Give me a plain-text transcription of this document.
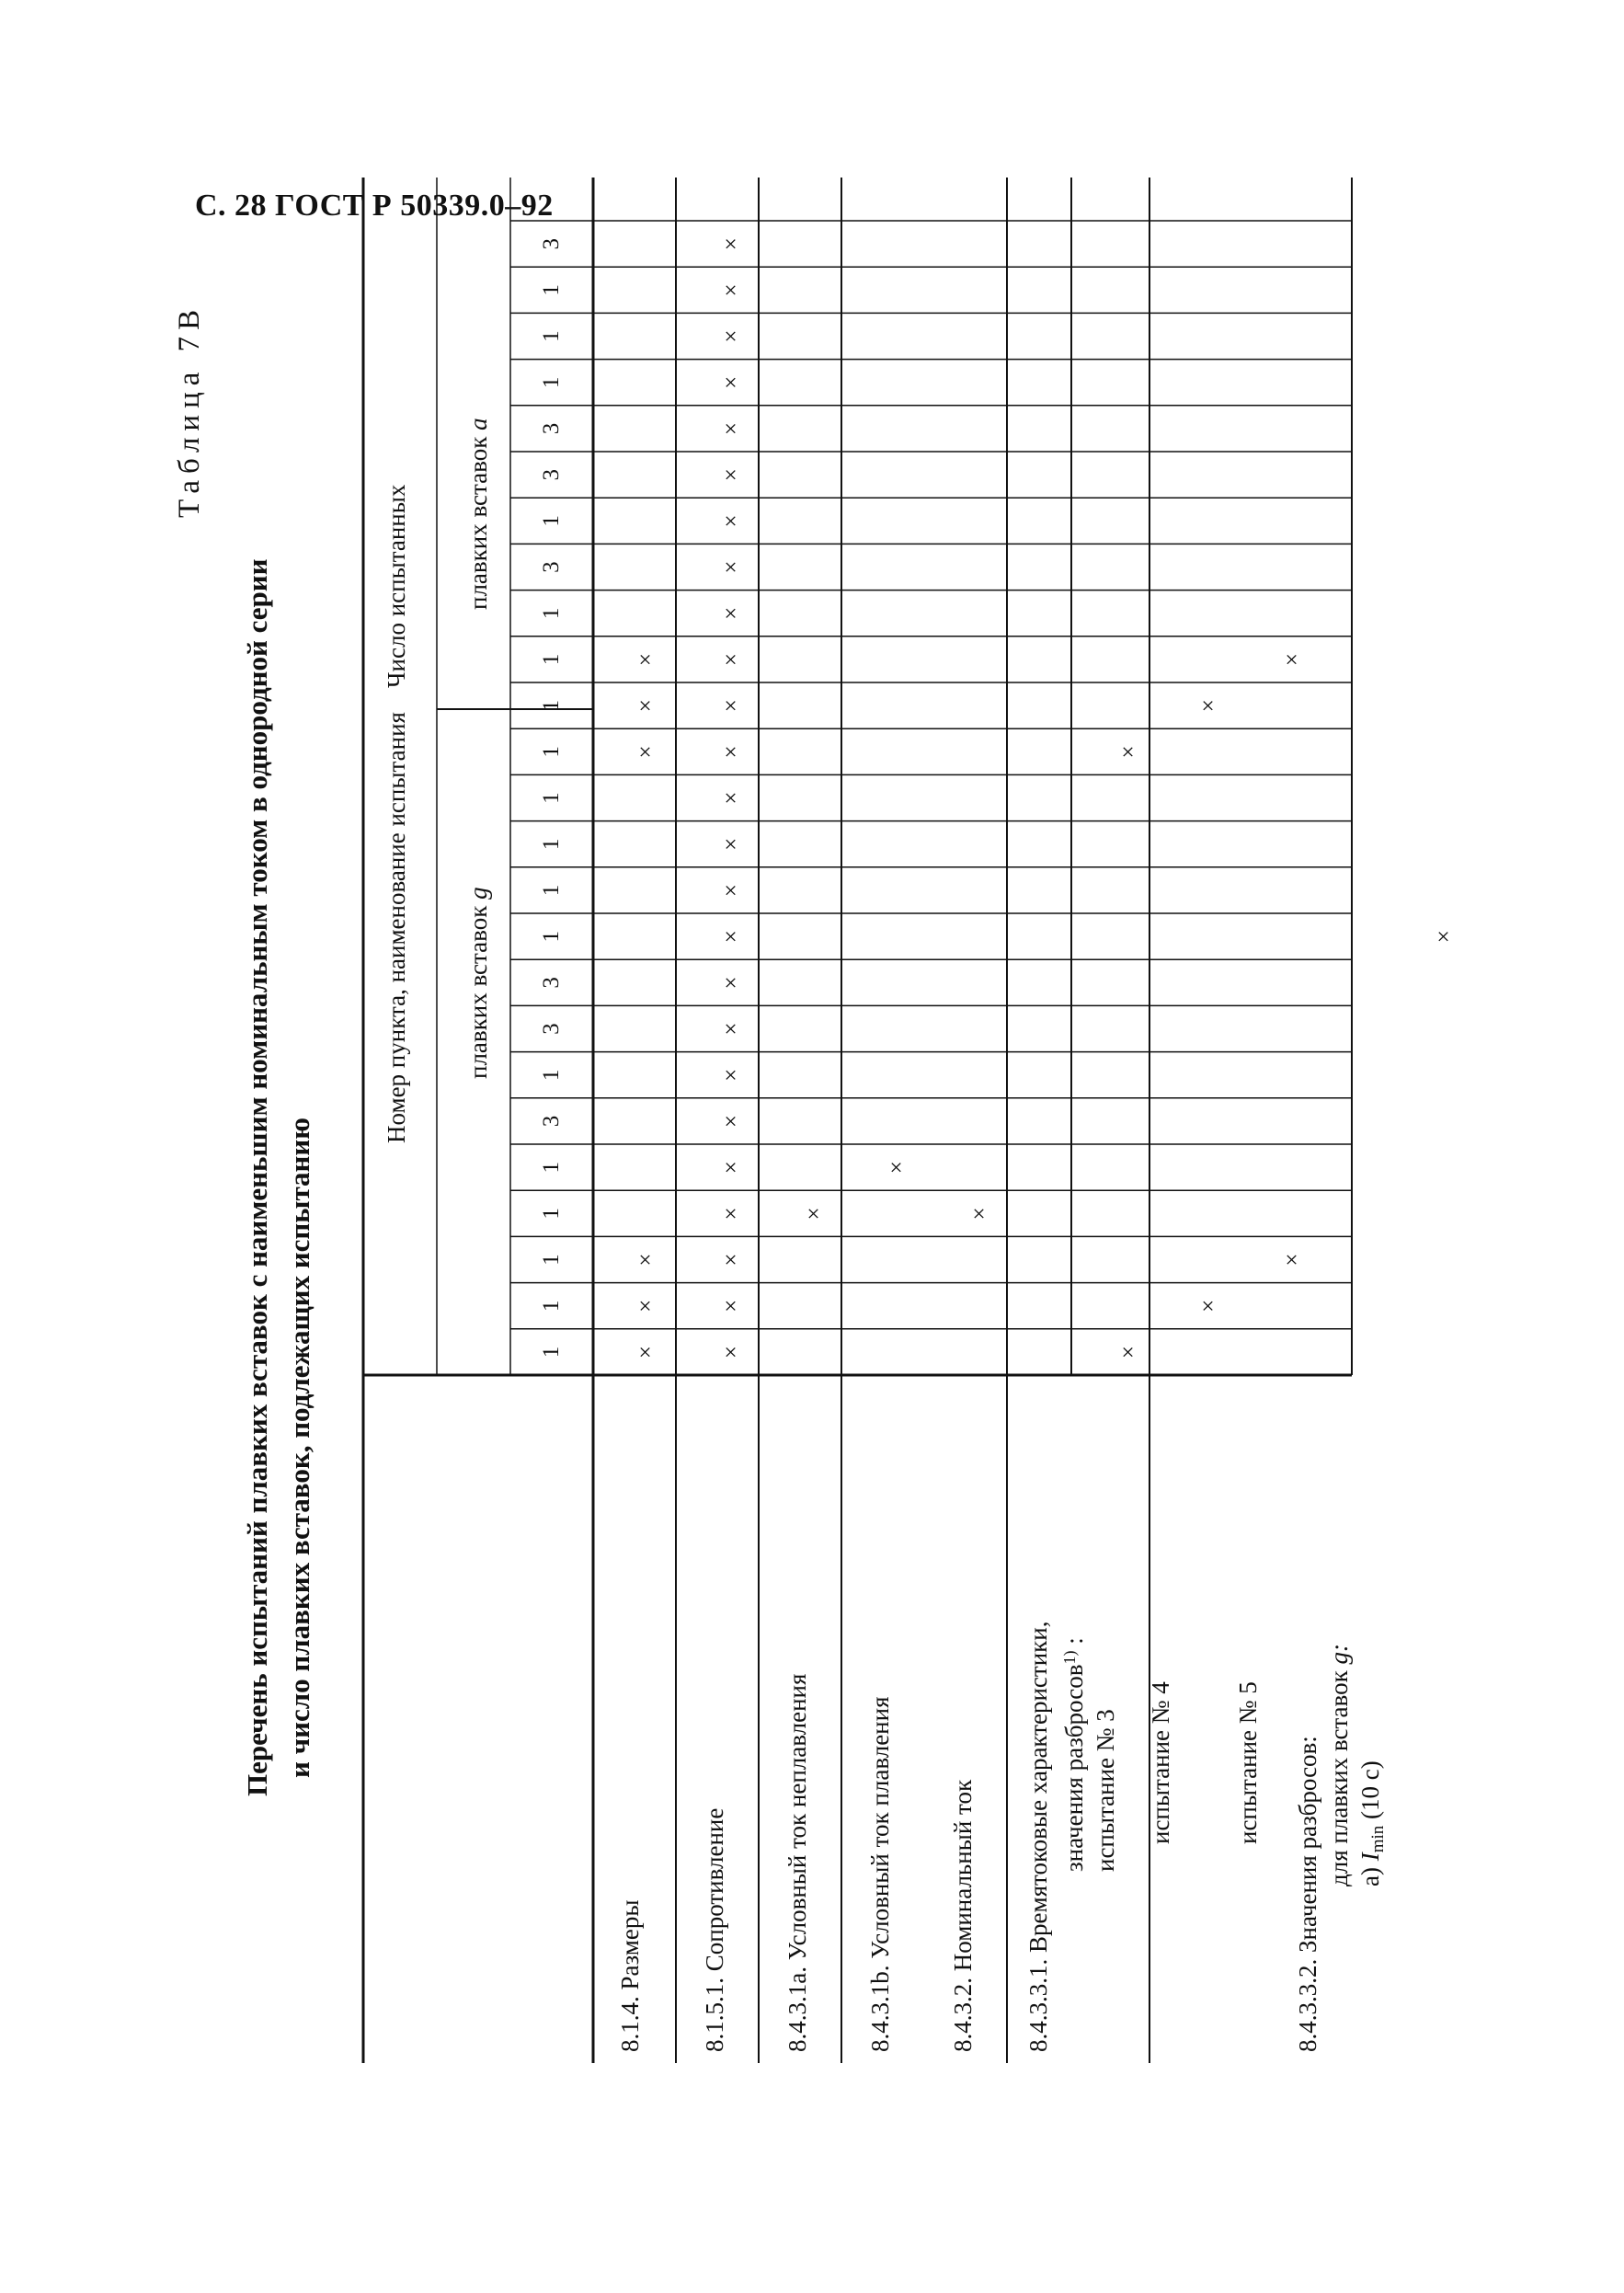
С. 28 ГОСТ Р 50339.0–92
Таблица 7В
Перечень испытаний плавких вставок с наименьшим номинальным током в однородной серии и число плавких вставок, подлежащих испытанию
Номер пункта, наименование испытания
Число испытанных
плавких вставок g
плавких вставок a
1
1
1
1
1
3
1
3
3
1
1
1
1
1
1
1
1
3
1
3
3
1
1
1
3
8.1.4. Размеры 8.1.5.1. Сопротивление 8.4.3.1a. Условный ток неплавления 8.4.3.1b. Условный ток плавления 8.4.3.2. Номинальный ток 8.4.3.3.1. Времятоковые характеристики, значения разбросов$^{1)}$ :
испытание № 3 испытание № 4 испытание № 5 8.4.3.3.2. Значения разбросов: для плавких вставок g:
а) $I_{min}$ (10 с)
×
×
×
×
×
×
×
×
×
×
×
×
×
×
×
×
×
×
×
×
×
×
×
×
×
×
×
×
×
×
×
×
×
×
×
×
×
×
×
×
×
